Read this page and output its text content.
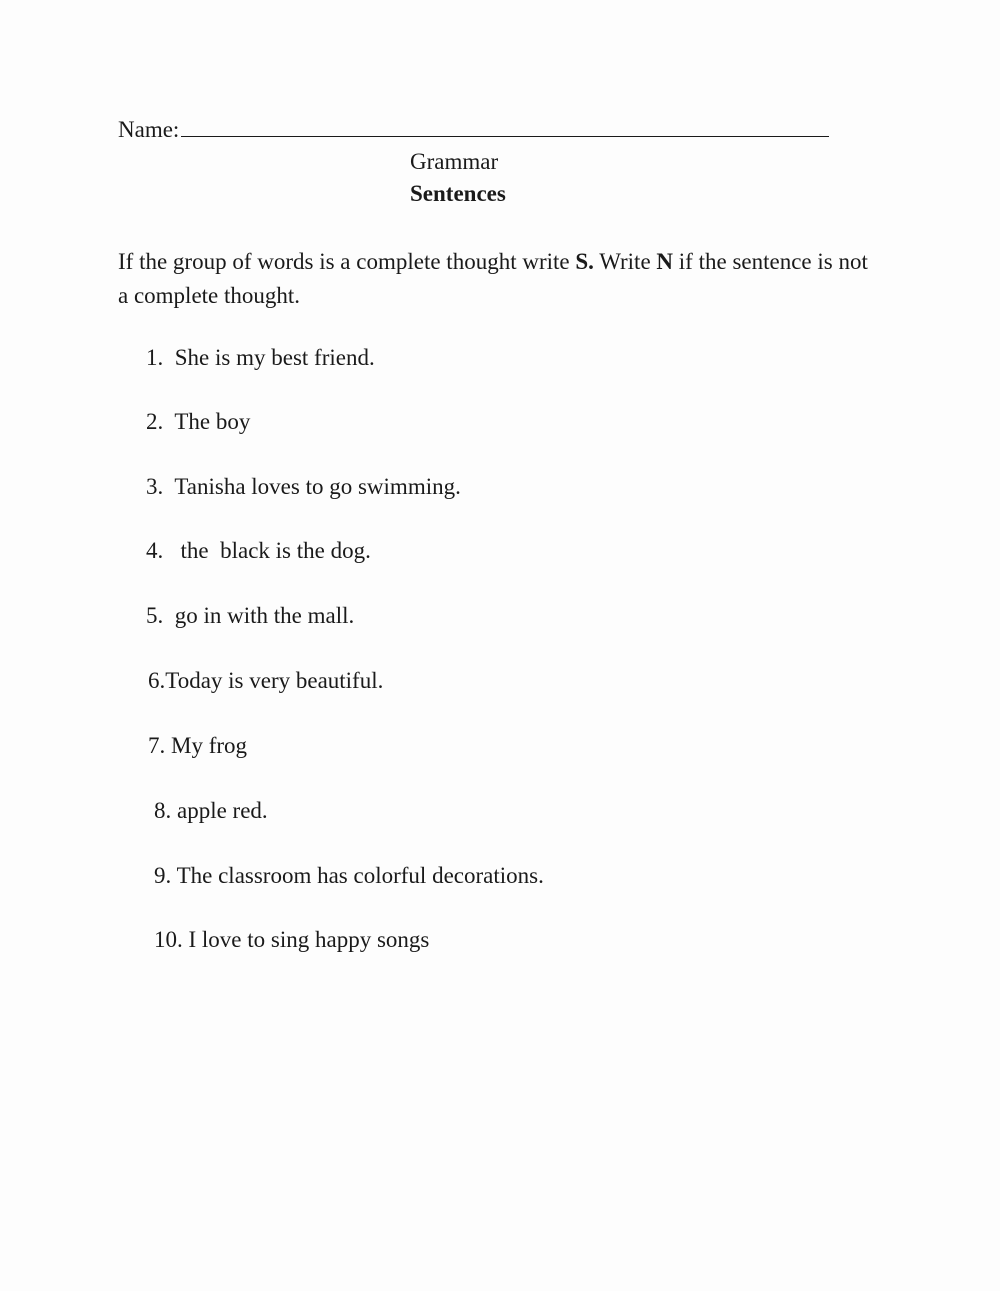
Name:
Grammar
Sentences
If the group of words is a complete thought write S. Write N if the sentence is not a complete thought.
1.  She is my best friend.
2.  The boy
3.  Tanisha loves to go swimming.
4.   the  black is the dog.
5.  go in with the mall.
6.Today is very beautiful.
7. My frog
8. apple red.
9. The classroom has colorful decorations.
10. I love to sing happy songs
